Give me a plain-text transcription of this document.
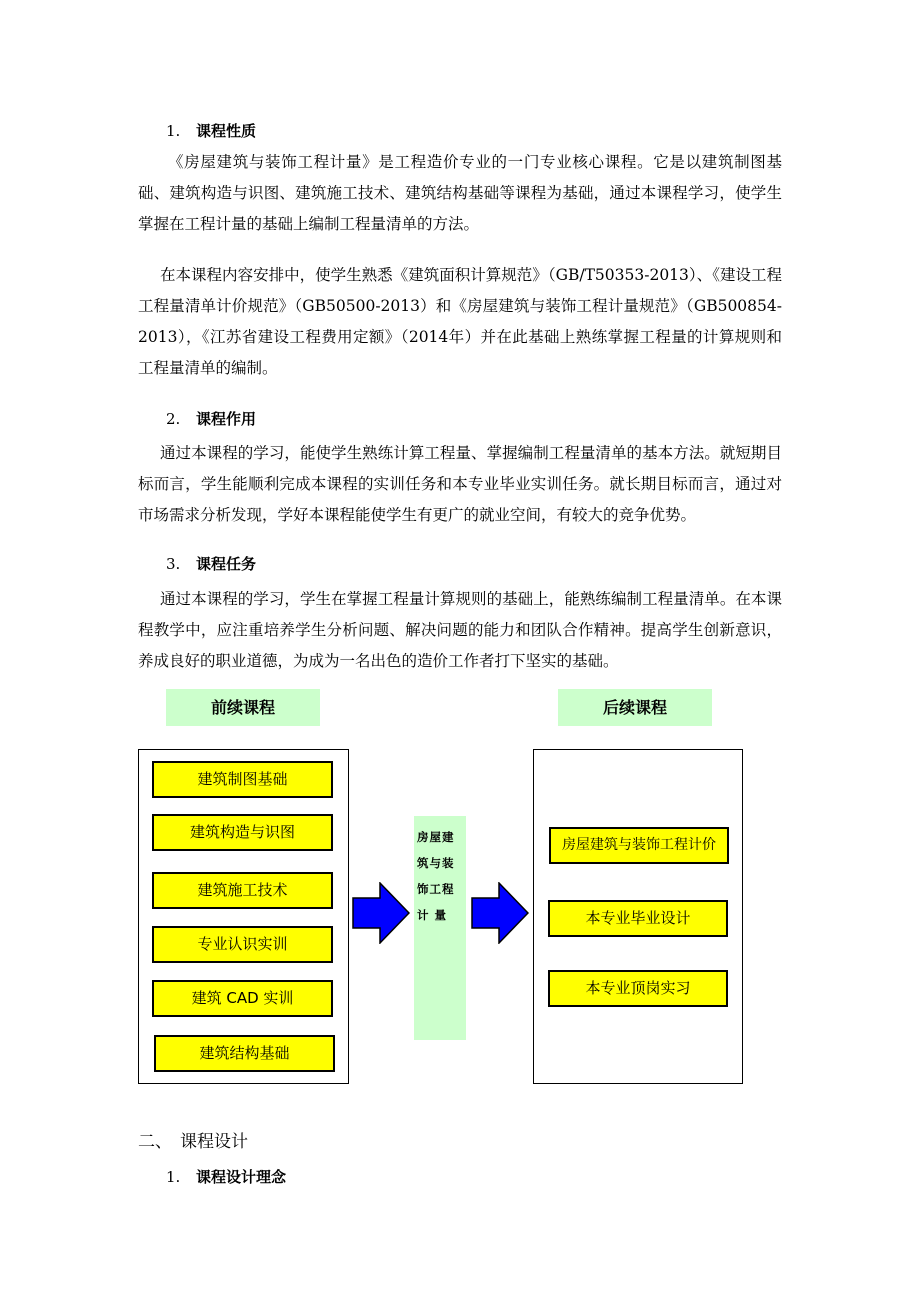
1. 课程性质
《房屋建筑与装饰工程计量》是工程造价专业的一门专业核心课程。它是以建筑制图基础、建筑构造与识图、建筑施工技术、建筑结构基础等课程为基础，通过本课程学习，使学生掌握在工程计量的基础上编制工程量清单的方法。
在本课程内容安排中，使学生熟悉《建筑面积计算规范》（GB/T50353-2013）、《建设工程工程量清单计价规范》（GB50500-2013）和《房屋建筑与装饰工程计量规范》（GB500854-2013），《江苏省建设工程费用定额》（2014年）并在此基础上熟练掌握工程量的计算规则和工程量清单的编制。
2. 课程作用
通过本课程的学习，能使学生熟练计算工程量、掌握编制工程量清单的基本方法。就短期目标而言，学生能顺利完成本课程的实训任务和本专业毕业实训任务。就长期目标而言，通过对市场需求分析发现，学好本课程能使学生有更广的就业空间，有较大的竞争优势。
3. 课程任务
通过本课程的学习，学生在掌握工程量计算规则的基础上，能熟练编制工程量清单。在本课程教学中，应注重培养学生分析问题、解决问题的能力和团队合作精神。提高学生创新意识，养成良好的职业道德，为成为一名出色的造价工作者打下坚实的基础。
前续课程	后续课程
建筑制图基础
建筑构造与识图
建筑施工技术
专业认识实训
建筑 CAD 实训
建筑结构基础
房屋建筑与装饰工程计 量
房屋建筑与装饰工程计价
本专业毕业设计
本专业顶岗实习
二、 课程设计
1. 课程设计理念
